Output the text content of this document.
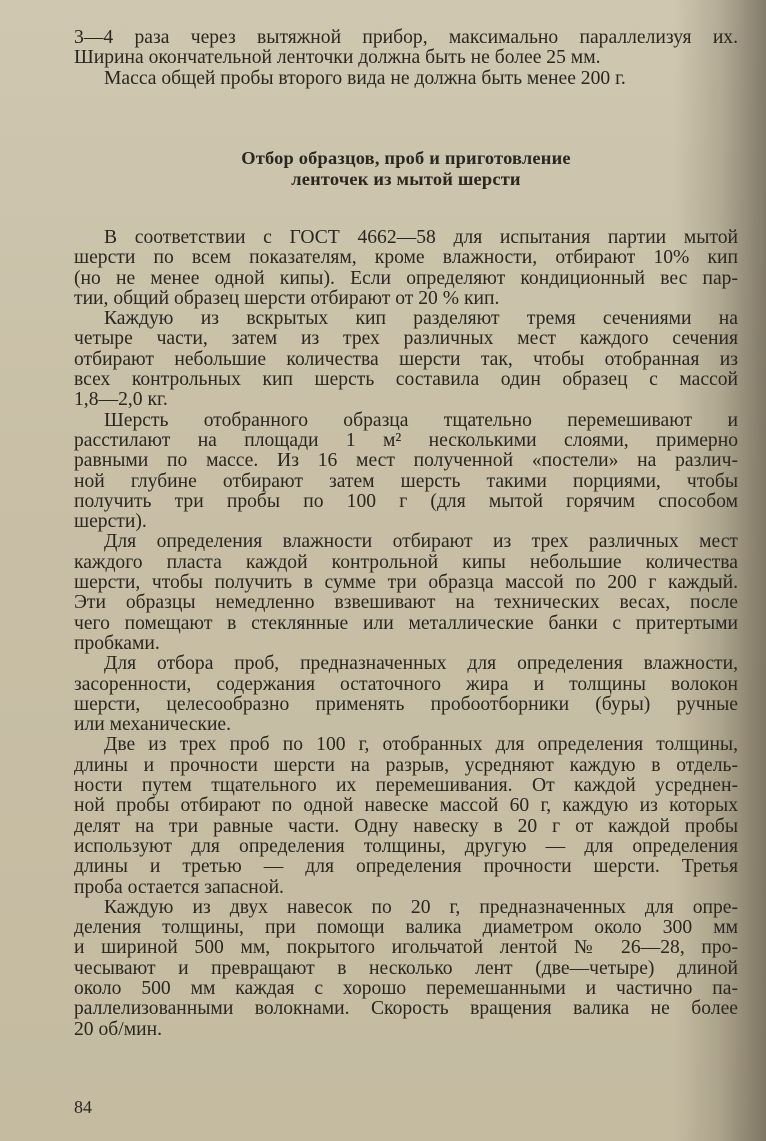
3—4 раза через вытяжной прибор, максимально параллелизуя их.
Ширина окончательной ленточки должна быть не более 25 мм.
Масса общей пробы второго вида не должна быть менее 200 г.
Отбор образцов, проб и приготовление
ленточек из мытой шерсти
В соответствии с ГОСТ 4662—58 для испытания партии мытой
шерсти по всем показателям, кроме влажности, отбирают 10% кип
(но не менее одной кипы). Если определяют кондиционный вес пар-
тии, общий образец шерсти отбирают от 20 % кип.
Каждую из вскрытых кип разделяют тремя сечениями на
четыре части, затем из трех различных мест каждого сечения
отбирают небольшие количества шерсти так, чтобы отобранная из
всех контрольных кип шерсть составила один образец с массой
1,8—2,0 кг.
Шерсть отобранного образца тщательно перемешивают и
расстилают на площади 1 м² несколькими слоями, примерно
равными по массе. Из 16 мест полученной «постели» на различ-
ной глубине отбирают затем шерсть такими порциями, чтобы
получить три пробы по 100 г (для мытой горячим способом
шерсти).
Для определения влажности отбирают из трех различных мест
каждого пласта каждой контрольной кипы небольшие количества
шерсти, чтобы получить в сумме три образца массой по 200 г каждый.
Эти образцы немедленно взвешивают на технических весах, после
чего помещают в стеклянные или металлические банки с притертыми
пробками.
Для отбора проб, предназначенных для определения влажности,
засоренности, содержания остаточного жира и толщины волокон
шерсти, целесообразно применять пробоотборники (буры) ручные
или механические.
Две из трех проб по 100 г, отобранных для определения толщины,
длины и прочности шерсти на разрыв, усредняют каждую в отдель-
ности путем тщательного их перемешивания. От каждой усреднен-
ной пробы отбирают по одной навеске массой 60 г, каждую из которых
делят на три равные части. Одну навеску в 20 г от каждой пробы
используют для определения толщины, другую — для определения
длины и третью — для определения прочности шерсти. Третья
проба остается запасной.
Каждую из двух навесок по 20 г, предназначенных для опре-
деления толщины, при помощи валика диаметром около 300 мм
и шириной 500 мм, покрытого игольчатой лентой № 26—28, про-
чесывают и превращают в несколько лент (две—четыре) длиной
около 500 мм каждая с хорошо перемешанными и частично па-
раллелизованными волокнами. Скорость вращения валика не более
20 об/мин.
84
